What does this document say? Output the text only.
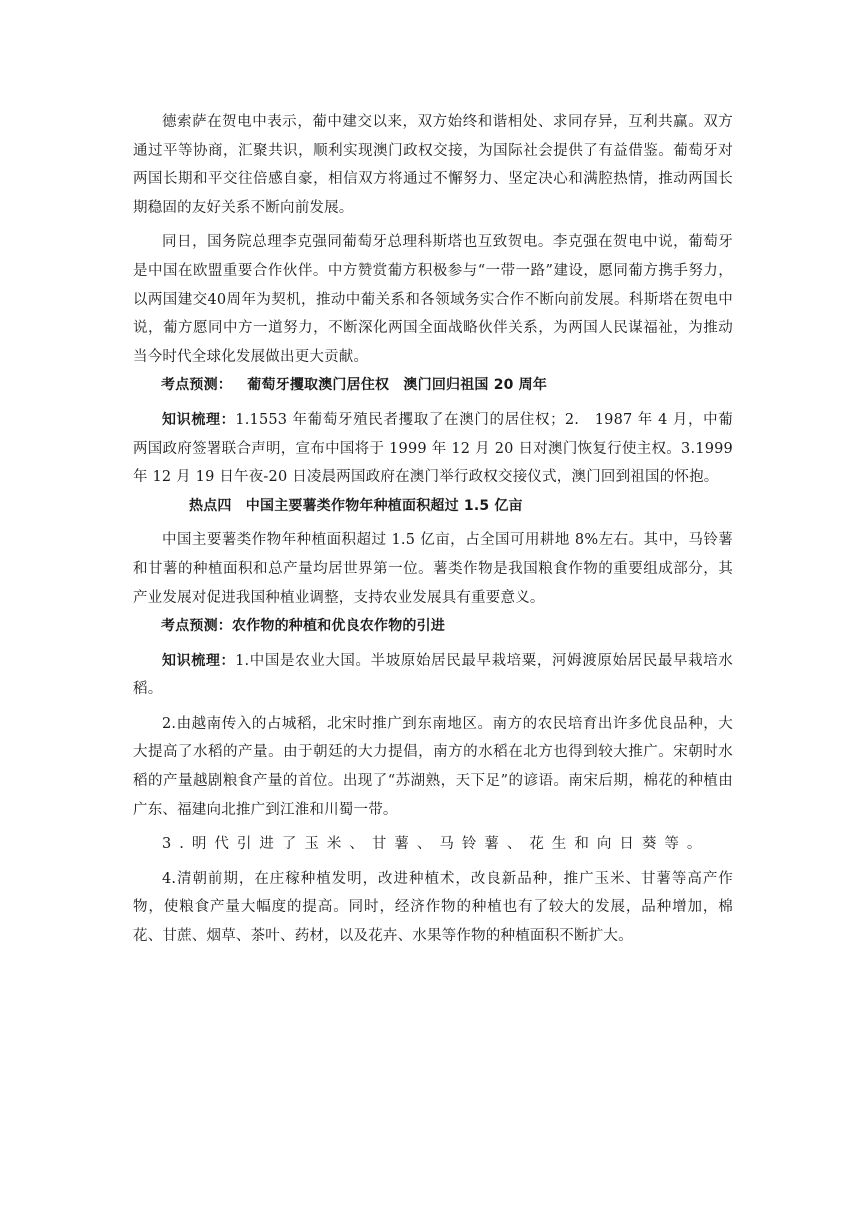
德索萨在贺电中表示，葡中建交以来，双方始终和谐相处、求同存异，互利共赢。双方通过平等协商，汇聚共识，顺利实现澳门政权交接，为国际社会提供了有益借鉴。葡萄牙对两国长期和平交往倍感自豪，相信双方将通过不懈努力、坚定决心和满腔热情，推动两国长期稳固的友好关系不断向前发展。

同日，国务院总理李克强同葡萄牙总理科斯塔也互致贺电。李克强在贺电中说，葡萄牙是中国在欧盟重要合作伙伴。中方赞赏葡方积极参与“一带一路”建设，愿同葡方携手努力，以两国建交40周年为契机，推动中葡关系和各领域务实合作不断向前发展。科斯塔在贺电中说，葡方愿同中方一道努力，不断深化两国全面战略伙伴关系，为两国人民谋福祉，为推动当今时代全球化发展做出更大贡献。

考点预测： 葡萄牙攫取澳门居住权　澳门回归祖国 20 周年

知识梳理：1.1553 年葡萄牙殖民者攫取了在澳门的居住权；2.　1987 年 4 月，中葡两国政府签署联合声明，宣布中国将于 1999 年 12 月 20 日对澳门恢复行使主权。3.1999 年 12 月 19 日午夜-20 日凌晨两国政府在澳门举行政权交接仪式，澳门回到祖国的怀抱。

热点四　中国主要薯类作物年种植面积超过 1.5 亿亩

中国主要薯类作物年种植面积超过 1.5 亿亩，占全国可用耕地 8%左右。其中，马铃薯和甘薯的种植面积和总产量均居世界第一位。薯类作物是我国粮食作物的重要组成部分，其产业发展对促进我国种植业调整，支持农业发展具有重要意义。

考点预测：农作物的种植和优良农作物的引进

知识梳理：1.中国是农业大国。半坡原始居民最早栽培粟，河姆渡原始居民最早栽培水稻。

2.由越南传入的占城稻，北宋时推广到东南地区。南方的农民培育出许多优良品种，大大提高了水稻的产量。由于朝廷的大力提倡，南方的水稻在北方也得到较大推广。宋朝时水稻的产量越剧粮食产量的首位。出现了“苏湖熟，天下足”的谚语。南宋后期，棉花的种植由广东、福建向北推广到江淮和川蜀一带。

3.明代引进了玉米、甘薯、马铃薯、花生和向日葵等。

4.清朝前期，在庄稼种植发明，改进种植术，改良新品种，推广玉米、甘薯等高产作物，使粮食产量大幅度的提高。同时，经济作物的种植也有了较大的发展，品种增加，棉花、甘蔗、烟草、茶叶、药材，以及花卉、水果等作物的种植面积不断扩大。
